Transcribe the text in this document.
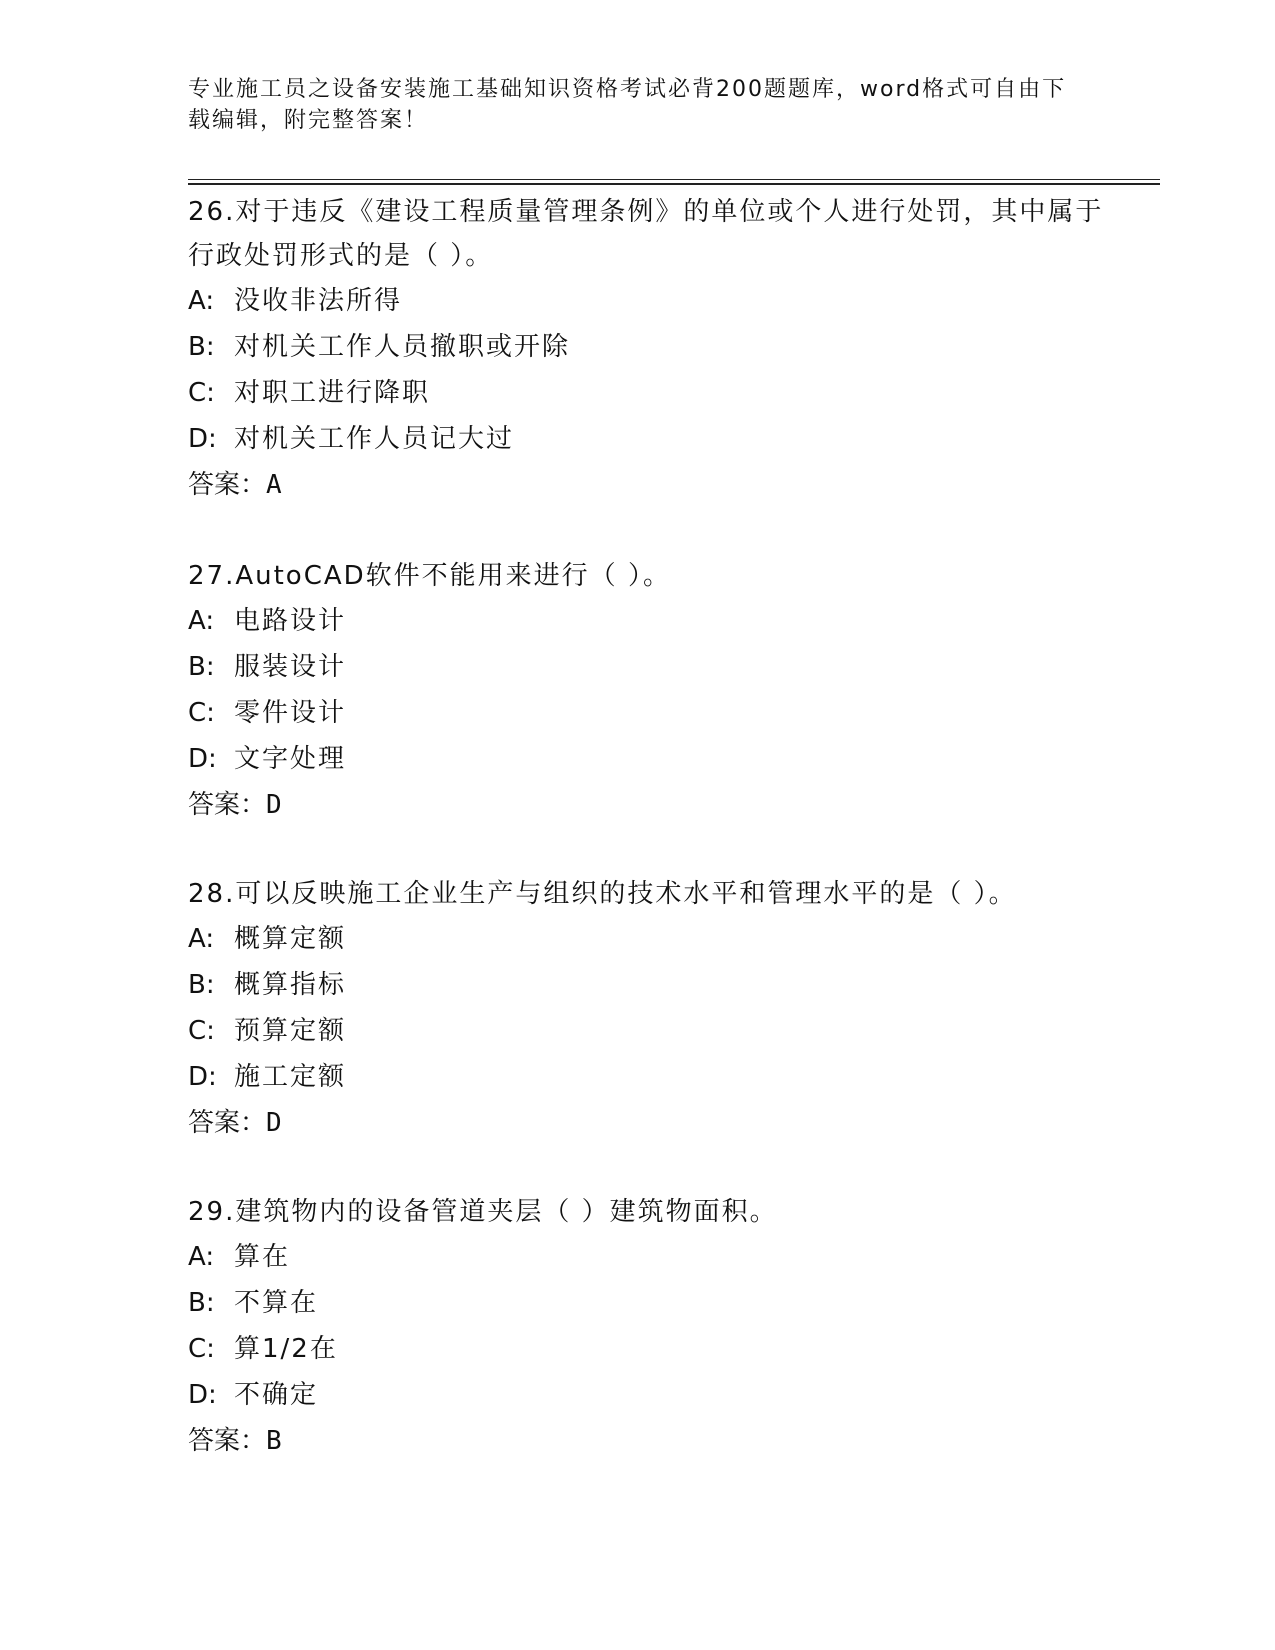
专业施工员之设备安装施工基础知识资格考试必背200题题库，word格式可自由下载编辑，附完整答案！

26.对于违反《建设工程质量管理条例》的单位或个人进行处罚，其中属于行政处罚形式的是（ ）。

A: 没收非法所得
B: 对机关工作人员撤职或开除
C: 对职工进行降职
D: 对机关工作人员记大过
答案：A

27.AutoCAD软件不能用来进行（ ）。

A: 电路设计
B: 服装设计
C: 零件设计
D: 文字处理
答案：D

28.可以反映施工企业生产与组织的技术水平和管理水平的是（ ）。

A: 概算定额
B: 概算指标
C: 预算定额
D: 施工定额
答案：D

29.建筑物内的设备管道夹层（ ）建筑物面积。

A: 算在
B: 不算在
C: 算1/2在
D: 不确定
答案：B
